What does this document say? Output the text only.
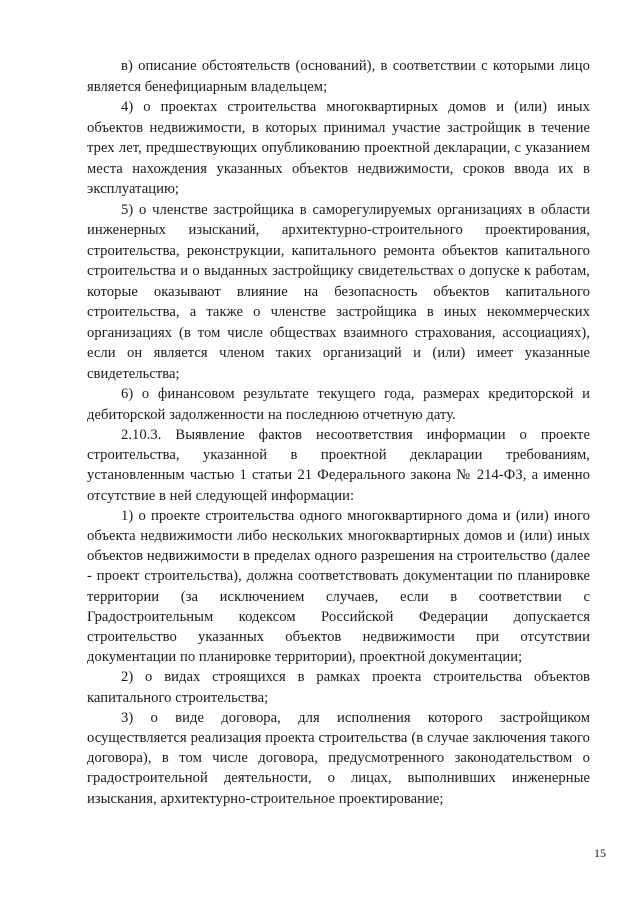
в) описание обстоятельств (оснований), в соответствии с которыми лицо является бенефициарным владельцем;

4) о проектах строительства многоквартирных домов и (или) иных объектов недвижимости, в которых принимал участие застройщик в течение трех лет, предшествующих опубликованию проектной декларации, с указанием места нахождения указанных объектов недвижимости, сроков ввода их в эксплуатацию;

5) о членстве застройщика в саморегулируемых организациях в области инженерных изысканий, архитектурно-строительного проектирования, строительства, реконструкции, капитального ремонта объектов капитального строительства и о выданных застройщику свидетельствах о допуске к работам, которые оказывают влияние на безопасность объектов капитального строительства, а также о членстве застройщика в иных некоммерческих организациях (в том числе обществах взаимного страхования, ассоциациях), если он является членом таких организаций и (или) имеет указанные свидетельства;

6) о финансовом результате текущего года, размерах кредиторской и дебиторской задолженности на последнюю отчетную дату.

2.10.3. Выявление фактов несоответствия информации о проекте строительства, указанной в проектной декларации требованиям, установленным частью 1 статьи 21 Федерального закона № 214-ФЗ, а именно отсутствие в ней следующей информации:

1) о проекте строительства одного многоквартирного дома и (или) иного объекта недвижимости либо нескольких многоквартирных домов и (или) иных объектов недвижимости в пределах одного разрешения на строительство (далее - проект строительства), должна соответствовать документации по планировке территории (за исключением случаев, если в соответствии с Градостроительным кодексом Российской Федерации допускается строительство указанных объектов недвижимости при отсутствии документации по планировке территории), проектной документации;

2) о видах строящихся в рамках проекта строительства объектов капитального строительства;

3) о виде договора, для исполнения которого застройщиком осуществляется реализация проекта строительства (в случае заключения такого договора), в том числе договора, предусмотренного законодательством о градостроительной деятельности, о лицах, выполнивших инженерные изыскания, архитектурно-строительное проектирование;

15
